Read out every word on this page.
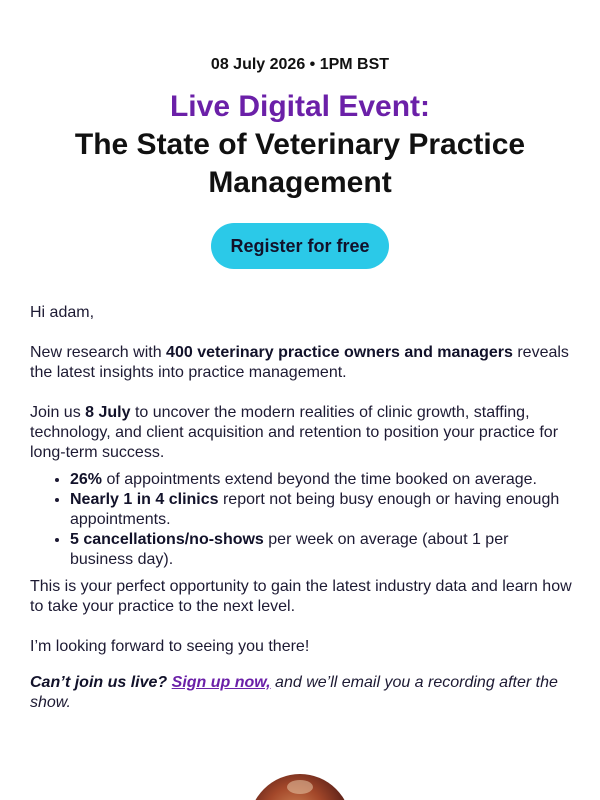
08 July 2026 • 1PM BST
Live Digital Event:
The State of Veterinary Practice Management
Register for free

Hi adam,

New research with 400 veterinary practice owners and managers reveals the latest insights into practice management.

Join us 8 July to uncover the modern realities of clinic growth, staffing, technology, and client acquisition and retention to position your practice for long-term success.

• 26% of appointments extend beyond the time booked on average.
• Nearly 1 in 4 clinics report not being busy enough or having enough appointments.
• 5 cancellations/no-shows per week on average (about 1 per business day).

This is your perfect opportunity to gain the latest industry data and learn how to take your practice to the next level.

I’m looking forward to seeing you there!

Can’t join us live? Sign up now, and we’ll email you a recording after the show.
